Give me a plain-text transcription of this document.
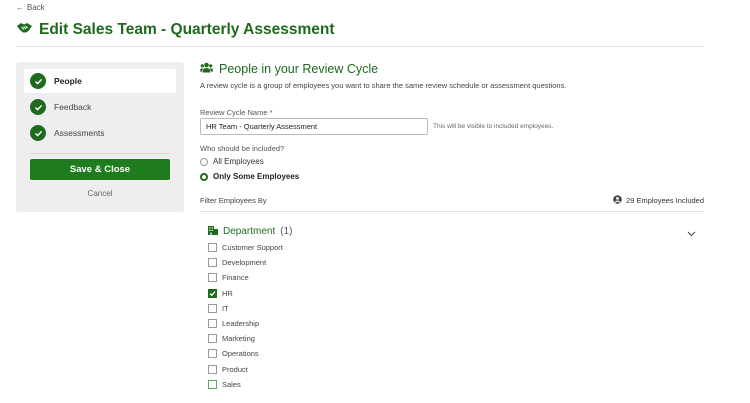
← Back
Edit Sales Team - Quarterly Assessment
People
Feedback
Assessments
Save & Close
Cancel
People in your Review Cycle
A review cycle is a group of employees you want to share the same review schedule or assessment questions.
Review Cycle Name *
HR Team - Quarterly Assessment
This will be visible to included employees.
Who should be included?
All Employees
Only Some Employees
Filter Employees By	29 Employees Included
Department (1)
Customer Support
Development
Finance
HR
IT
Leadership
Marketing
Operations
Product
Sales
